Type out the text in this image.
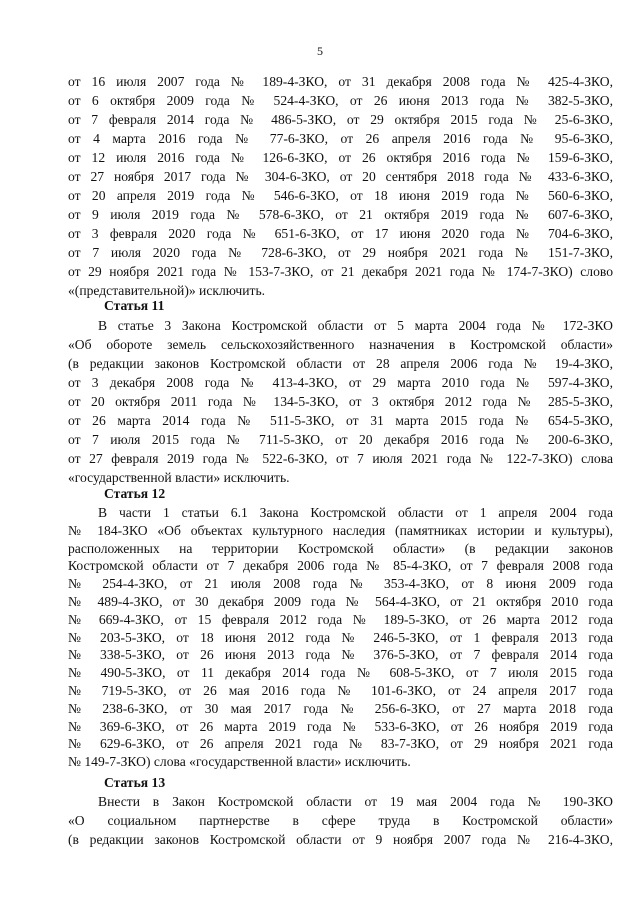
5
от 16 июля 2007 года № 189-4-ЗКО, от 31 декабря 2008 года № 425-4-ЗКО,
от 6 октября 2009 года № 524-4-ЗКО, от 26 июня 2013 года № 382-5-ЗКО,
от 7 февраля 2014 года № 486-5-ЗКО, от 29 октября 2015 года № 25-6-ЗКО,
от 4 марта 2016 года № 77-6-ЗКО, от 26 апреля 2016 года № 95-6-ЗКО,
от 12 июля 2016 года № 126-6-ЗКО, от 26 октября 2016 года № 159-6-ЗКО,
от 27 ноября 2017 года № 304-6-ЗКО, от 20 сентября 2018 года № 433-6-ЗКО,
от 20 апреля 2019 года № 546-6-ЗКО, от 18 июня 2019 года № 560-6-ЗКО,
от 9 июля 2019 года № 578-6-ЗКО, от 21 октября 2019 года № 607-6-ЗКО,
от 3 февраля 2020 года № 651-6-ЗКО, от 17 июня 2020 года № 704-6-ЗКО,
от 7 июля 2020 года № 728-6-ЗКО, от 29 ноября 2021 года № 151-7-ЗКО,
от 29 ноября 2021 года № 153-7-ЗКО, от 21 декабря 2021 года № 174-7-ЗКО) слово
«(представительной)» исключить.
Статья 11
В статье 3 Закона Костромской области от 5 марта 2004 года № 172-ЗКО
«Об обороте земель сельскохозяйственного назначения в Костромской области»
(в редакции законов Костромской области от 28 апреля 2006 года № 19-4-ЗКО,
от 3 декабря 2008 года № 413-4-ЗКО, от 29 марта 2010 года № 597-4-ЗКО,
от 20 октября 2011 года № 134-5-ЗКО, от 3 октября 2012 года № 285-5-ЗКО,
от 26 марта 2014 года № 511-5-ЗКО, от 31 марта 2015 года № 654-5-ЗКО,
от 7 июля 2015 года № 711-5-ЗКО, от 20 декабря 2016 года № 200-6-ЗКО,
от 27 февраля 2019 года № 522-6-ЗКО, от 7 июля 2021 года № 122-7-ЗКО) слова
«государственной власти» исключить.
Статья 12
В части 1 статьи 6.1 Закона Костромской области от 1 апреля 2004 года
№ 184-ЗКО «Об объектах культурного наследия (памятниках истории и культуры),
расположенных на территории Костромской области» (в редакции законов
Костромской области от 7 декабря 2006 года № 85-4-ЗКО, от 7 февраля 2008 года
№ 254-4-ЗКО, от 21 июля 2008 года № 353-4-ЗКО, от 8 июня 2009 года
№ 489-4-ЗКО, от 30 декабря 2009 года № 564-4-ЗКО, от 21 октября 2010 года
№ 669-4-ЗКО, от 15 февраля 2012 года № 189-5-ЗКО, от 26 марта 2012 года
№ 203-5-ЗКО, от 18 июня 2012 года № 246-5-ЗКО, от 1 февраля 2013 года
№ 338-5-ЗКО, от 26 июня 2013 года № 376-5-ЗКО, от 7 февраля 2014 года
№ 490-5-ЗКО, от 11 декабря 2014 года № 608-5-ЗКО, от 7 июля 2015 года
№ 719-5-ЗКО, от 26 мая 2016 года № 101-6-ЗКО, от 24 апреля 2017 года
№ 238-6-ЗКО, от 30 мая 2017 года № 256-6-ЗКО, от 27 марта 2018 года
№ 369-6-ЗКО, от 26 марта 2019 года № 533-6-ЗКО, от 26 ноября 2019 года
№ 629-6-ЗКО, от 26 апреля 2021 года № 83-7-ЗКО, от 29 ноября 2021 года
№ 149-7-ЗКО) слова «государственной власти» исключить.
Статья 13
Внести в Закон Костромской области от 19 мая 2004 года № 190-ЗКО
«О социальном партнерстве в сфере труда в Костромской области»
(в редакции законов Костромской области от 9 ноября 2007 года № 216-4-ЗКО,
